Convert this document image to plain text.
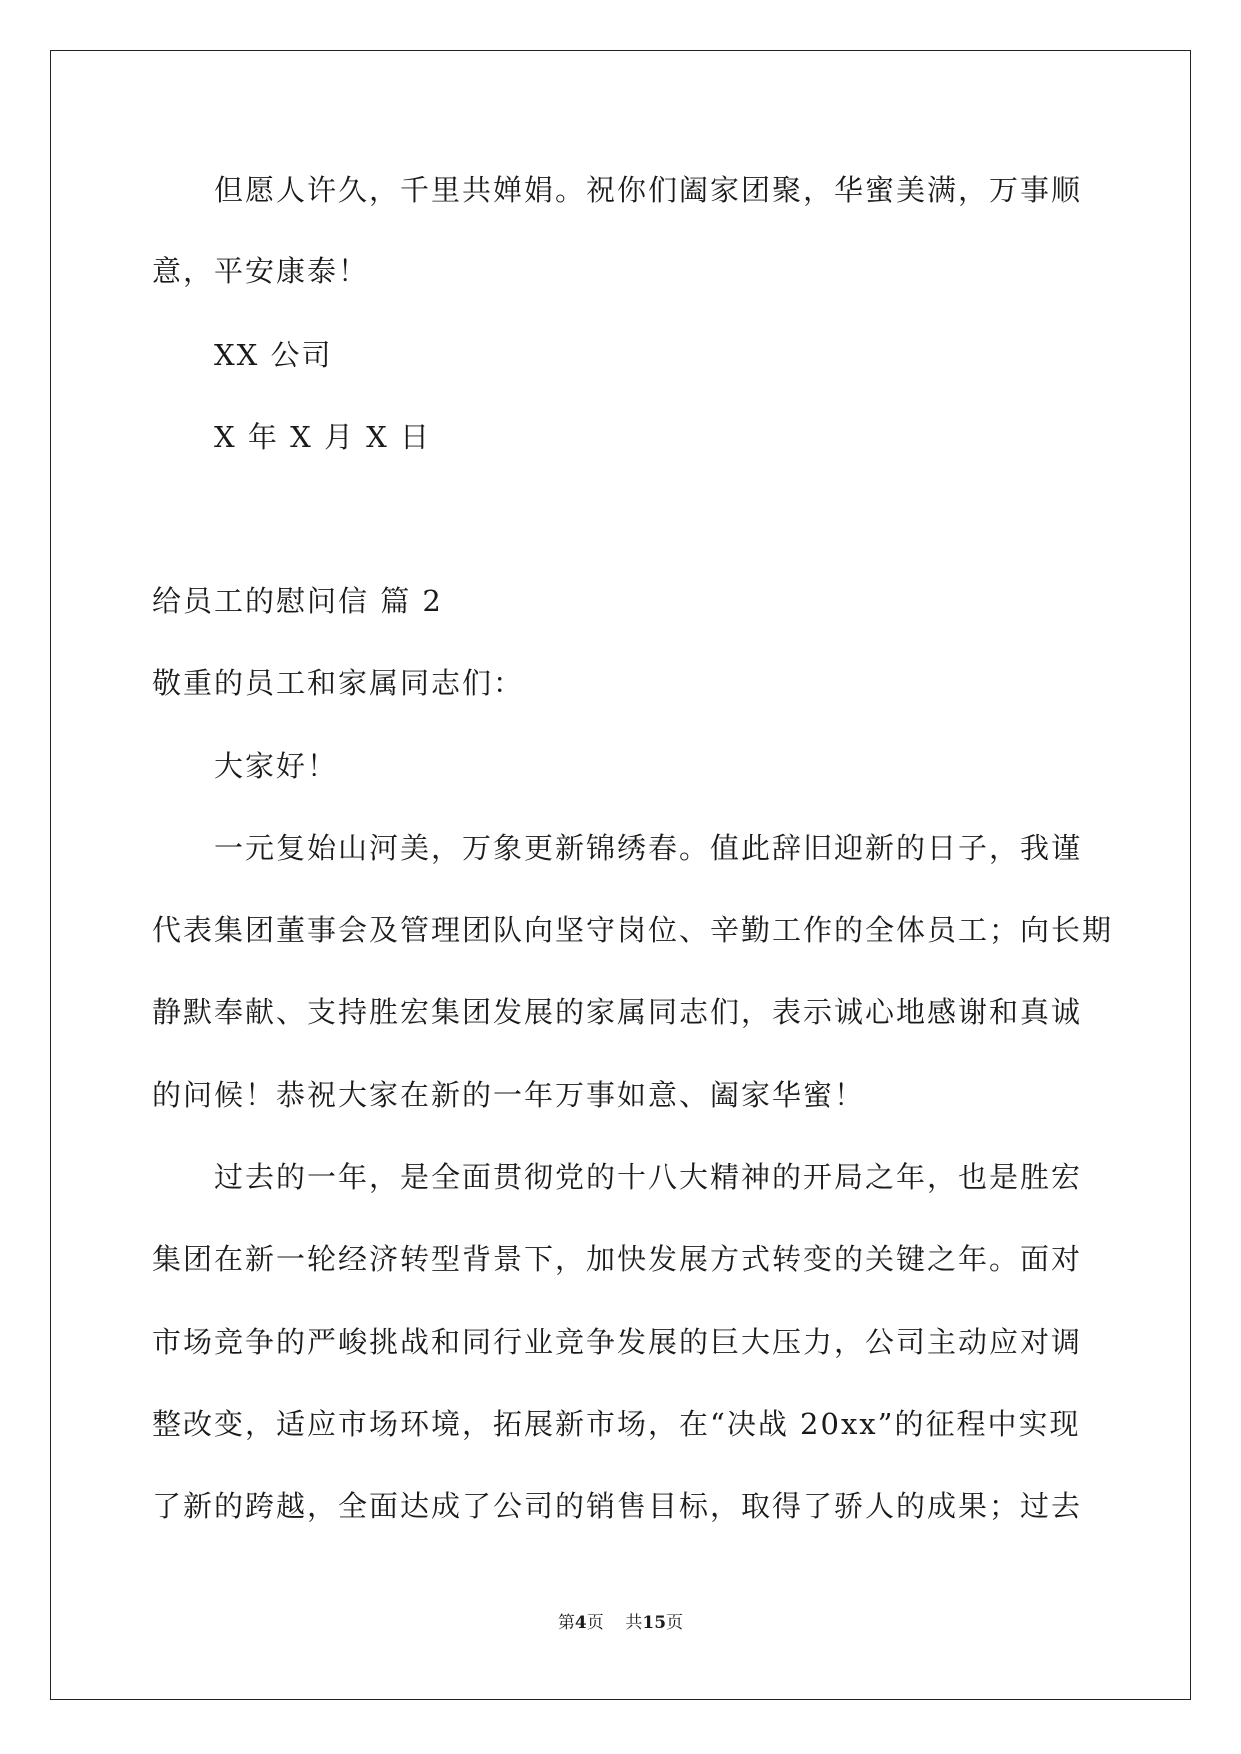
但愿人许久，千里共婵娟。祝你们阖家团聚，华蜜美满，万事顺
意，平安康泰！
XX 公司
X 年 X 月 X 日
给员工的慰问信 篇 2
敬重的员工和家属同志们：
大家好！
一元复始山河美，万象更新锦绣春。值此辞旧迎新的日子，我谨
代表集团董事会及管理团队向坚守岗位、辛勤工作的全体员工；向长期
静默奉献、支持胜宏集团发展的家属同志们，表示诚心地感谢和真诚
的问候！恭祝大家在新的一年万事如意、阖家华蜜！
过去的一年，是全面贯彻党的十八大精神的开局之年，也是胜宏
集团在新一轮经济转型背景下，加快发展方式转变的关键之年。面对
市场竞争的严峻挑战和同行业竞争发展的巨大压力，公司主动应对调
整改变，适应市场环境，拓展新市场，在“决战 20xx”的征程中实现
了新的跨越，全面达成了公司的销售目标，取得了骄人的成果；过去
第4页 共15页
